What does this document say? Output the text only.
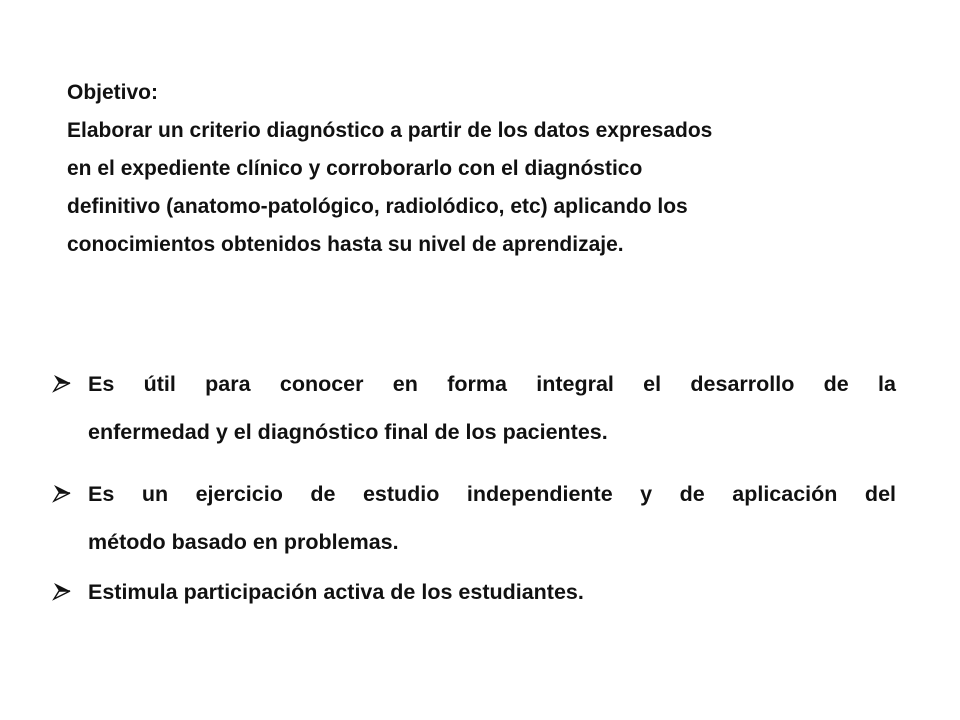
Objetivo:
Elaborar un criterio diagnóstico a partir de los datos expresados
en el expediente clínico y corroborarlo con el diagnóstico
definitivo (anatomo-patológico, radiolódico, etc) aplicando los
conocimientos obtenidos hasta su nivel de aprendizaje.
Es útil para conocer en forma integral el desarrollo de la
enfermedad y el diagnóstico final de los pacientes.
Es un ejercicio de estudio independiente y de aplicación del
método basado en problemas.
Estimula participación activa de los estudiantes.
